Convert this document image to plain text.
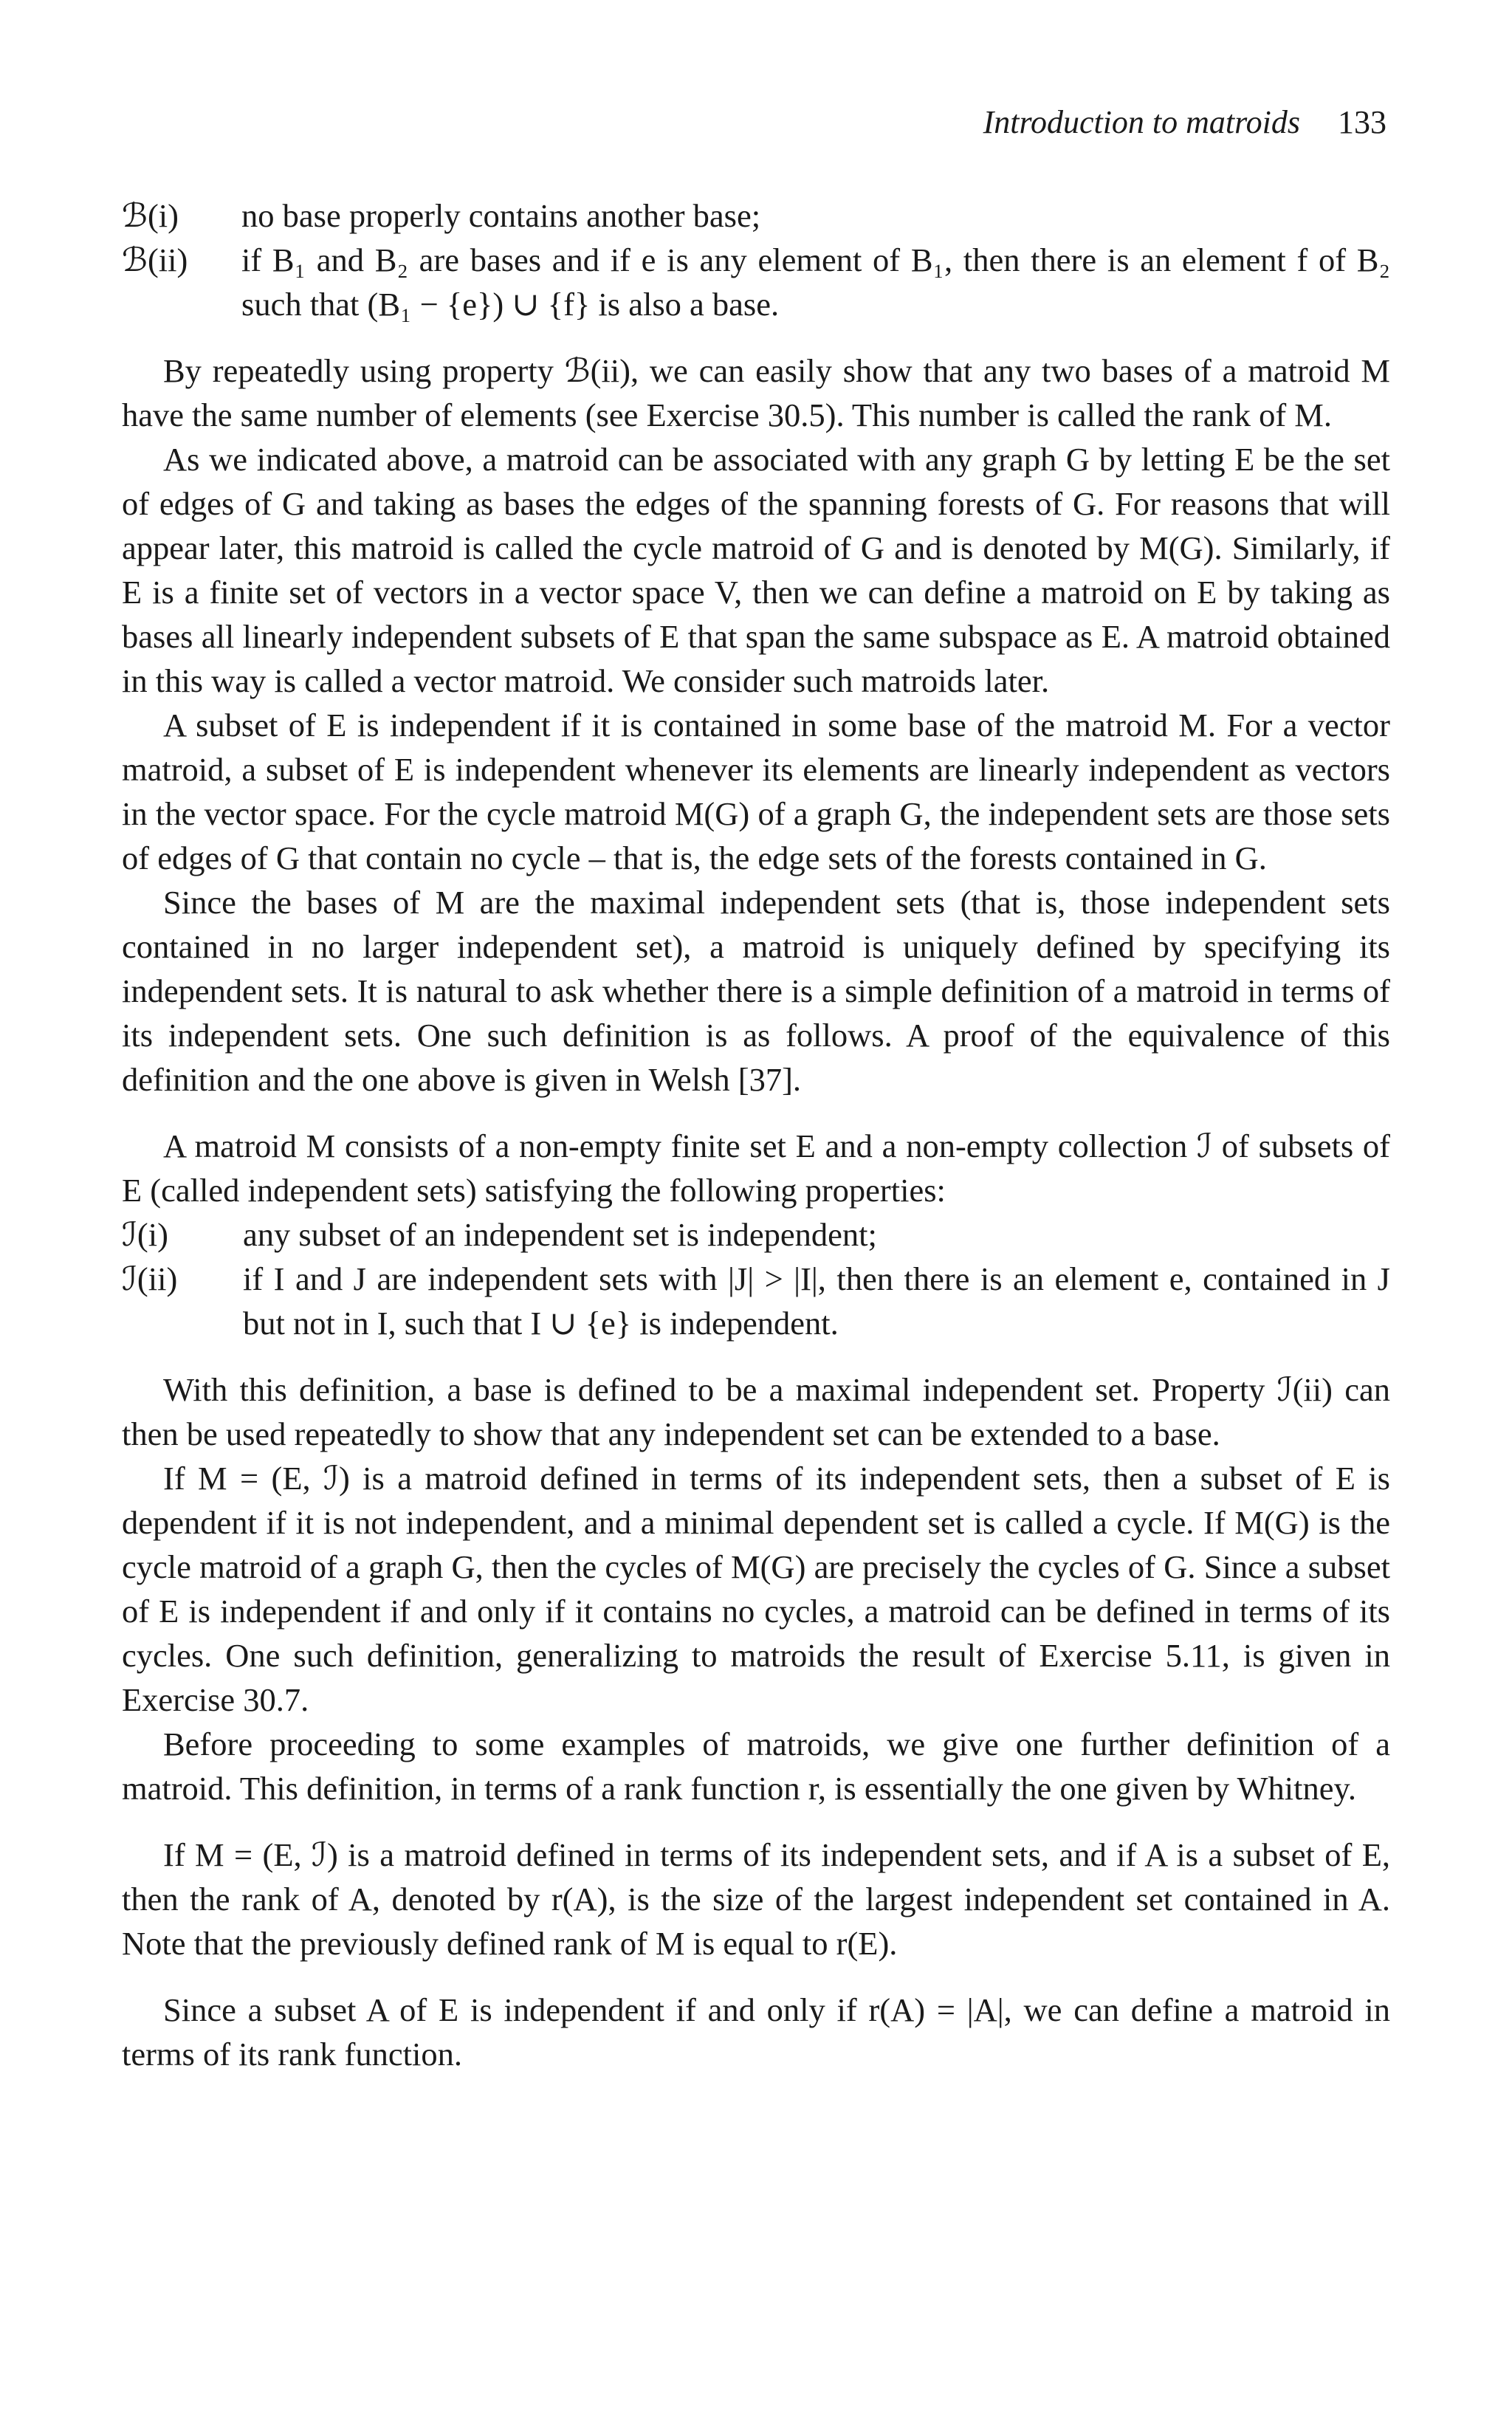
Introduction to matroids 133
ℬ(i)	no base properly contains another base;
ℬ(ii)	if B₁ and B₂ are bases and if e is any element of B₁, then there is an element f of B₂ such that (B₁ − {e}) ∪ {f} is also a base.

By repeatedly using property ℬ(ii), we can easily show that any two bases of a matroid M have the same number of elements (see Exercise 30.5). This number is called the rank of M.

As we indicated above, a matroid can be associated with any graph G by letting E be the set of edges of G and taking as bases the edges of the spanning forests of G. For reasons that will appear later, this matroid is called the cycle matroid of G and is denoted by M(G). Similarly, if E is a finite set of vectors in a vector space V, then we can define a matroid on E by taking as bases all linearly independent subsets of E that span the same subspace as E. A matroid obtained in this way is called a vector matroid. We consider such matroids later.

A subset of E is independent if it is contained in some base of the matroid M. For a vector matroid, a subset of E is independent whenever its elements are linearly independent as vectors in the vector space. For the cycle matroid M(G) of a graph G, the independent sets are those sets of edges of G that contain no cycle – that is, the edge sets of the forests contained in G.

Since the bases of M are the maximal independent sets (that is, those independent sets contained in no larger independent set), a matroid is uniquely defined by specifying its independent sets. It is natural to ask whether there is a simple definition of a matroid in terms of its independent sets. One such definition is as follows. A proof of the equivalence of this definition and the one above is given in Welsh [37].

A matroid M consists of a non-empty finite set E and a non-empty collection ℐ of subsets of E (called independent sets) satisfying the following properties:

ℐ(i)	any subset of an independent set is independent;
ℐ(ii)	if I and J are independent sets with |J| > |I|, then there is an element e, contained in J but not in I, such that I ∪ {e} is independent.

With this definition, a base is defined to be a maximal independent set. Property ℐ(ii) can then be used repeatedly to show that any independent set can be extended to a base.

If M = (E, ℐ) is a matroid defined in terms of its independent sets, then a subset of E is dependent if it is not independent, and a minimal dependent set is called a cycle. If M(G) is the cycle matroid of a graph G, then the cycles of M(G) are precisely the cycles of G. Since a subset of E is independent if and only if it contains no cycles, a matroid can be defined in terms of its cycles. One such definition, generalizing to matroids the result of Exercise 5.11, is given in Exercise 30.7.

Before proceeding to some examples of matroids, we give one further definition of a matroid. This definition, in terms of a rank function r, is essentially the one given by Whitney.

If M = (E, ℐ) is a matroid defined in terms of its independent sets, and if A is a subset of E, then the rank of A, denoted by r(A), is the size of the largest independent set contained in A. Note that the previously defined rank of M is equal to r(E).

Since a subset A of E is independent if and only if r(A) = |A|, we can define a matroid in terms of its rank function.
